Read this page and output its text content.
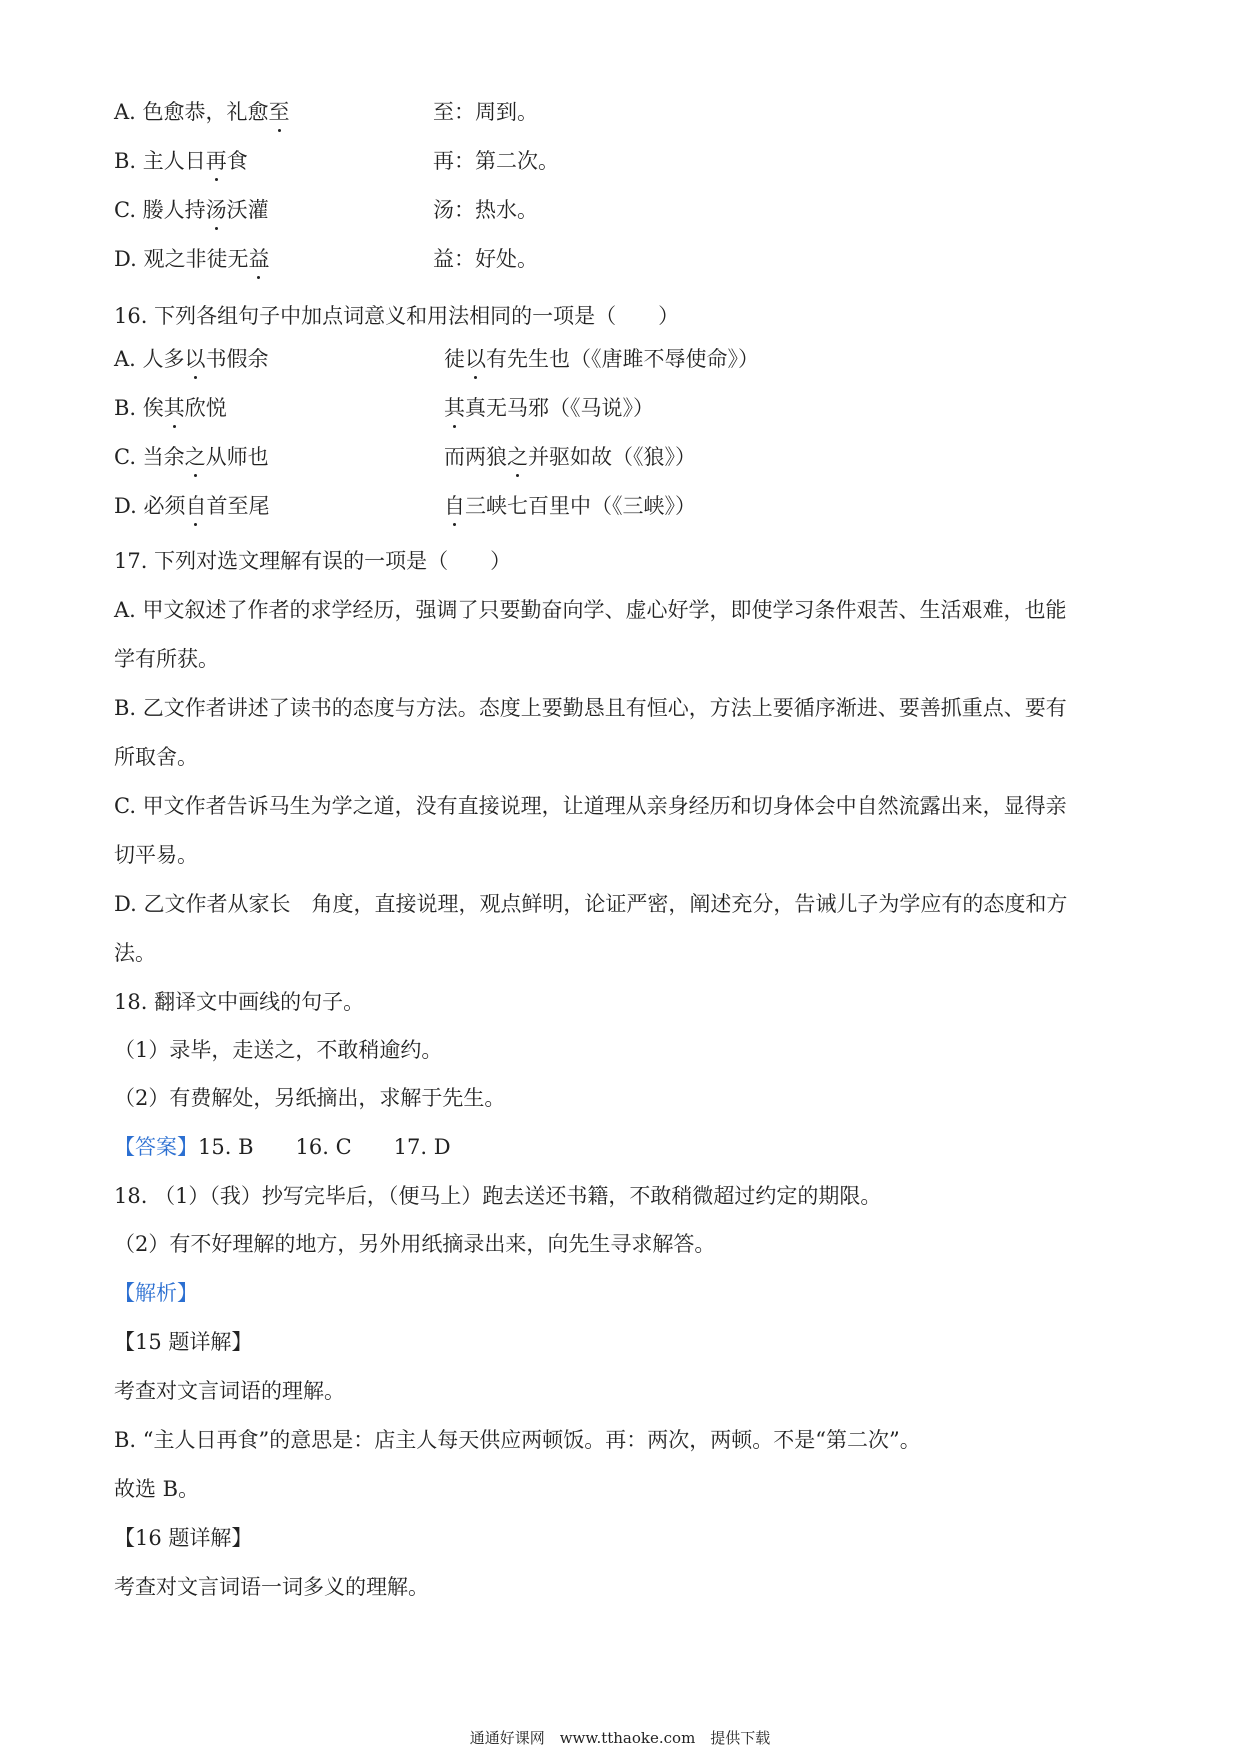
A. 色愈恭，礼愈至	至：周到。
B. 主人日再食	再：第二次。
C. 媵人持汤沃灌	汤：热水。
D. 观之非徒无益	益：好处。
16. 下列各组句子中加点词意义和用法相同的一项是（　　）
A. 人多以书假余	徒以有先生也（《唐雎不辱使命》）
B. 俟其欣悦	其真无马邪（《马说》）
C. 当余之从师也	而两狼之并驱如故（《狼》）
D. 必须自首至尾	自三峡七百里中（《三峡》）
17. 下列对选文理解有误的一项是（　　）
A. 甲文叙述了作者的求学经历，强调了只要勤奋向学、虚心好学，即使学习条件艰苦、生活艰难，也能
学有所获。
B. 乙文作者讲述了读书的态度与方法。态度上要勤恳且有恒心，方法上要循序渐进、要善抓重点、要有
所取舍。
C. 甲文作者告诉马生为学之道，没有直接说理，让道理从亲身经历和切身体会中自然流露出来，显得亲
切平易。
D. 乙文作者从家长　角度，直接说理，观点鲜明，论证严密，阐述充分，告诫儿子为学应有的态度和方
法。
18. 翻译文中画线的句子。
（1）录毕，走送之，不敢稍逾约。
（2）有费解处，另纸摘出，求解于先生。
【答案】15. B　　16. C　　17. D
18. （1）（我）抄写完毕后，（便马上）跑去送还书籍，不敢稍微超过约定的期限。
（2）有不好理解的地方，另外用纸摘录出来，向先生寻求解答。
【解析】
【15 题详解】
考查对文言词语的理解。
B. “主人日再食”的意思是：店主人每天供应两顿饭。再：两次，两顿。不是“第二次”。
故选 B。
【16 题详解】
考查对文言词语一词多义的理解。
通通好课网　www.tthaoke.com　提供下载
